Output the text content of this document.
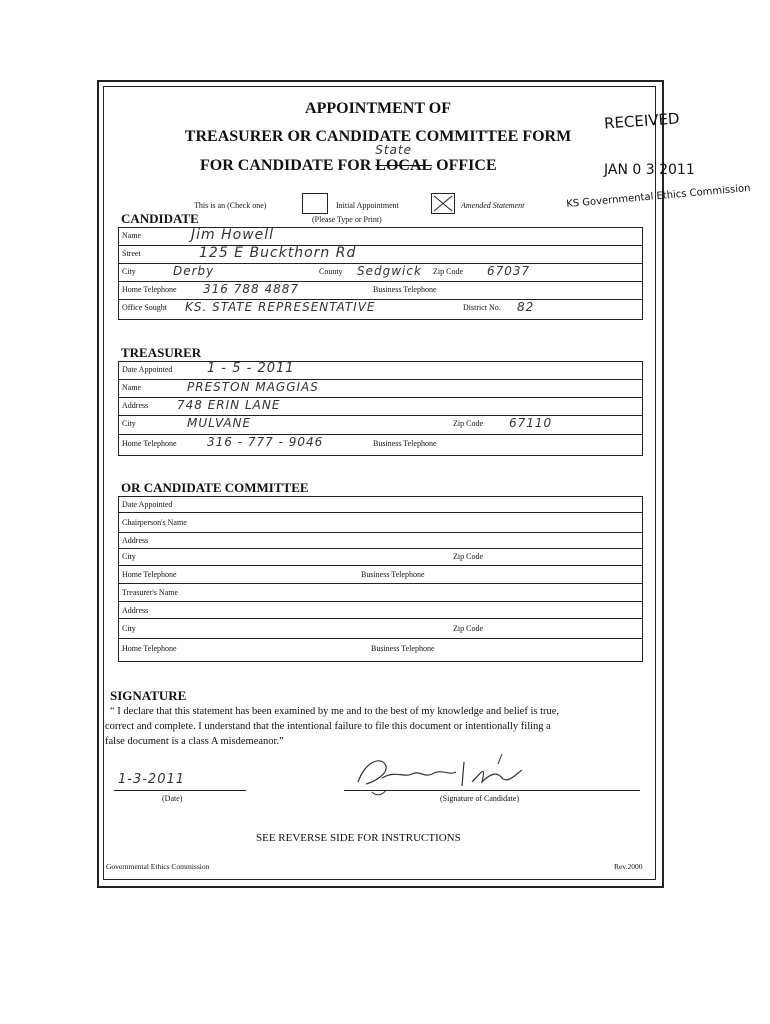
APPOINTMENT OF
TREASURER OR CANDIDATE COMMITTEE FORM
FOR CANDIDATE FOR LOCAL
State
OFFICE
RECEIVED
JAN 0 3 2011
KS Governmental Ethics Commission
This is an (Check one)	Initial Appointment	Amended Statement
CANDIDATE	(Please Type or Print)
Name	Jim Howell
Street	125 E Buckthorn Rd
City	Derby	County Sedgwick Zip Code 67037
Home Telephone 316 788 4887	Business Telephone
Office Sought KS. STATE REPRESENTATIVE	District No. 82
TREASURER
Date Appointed	1 - 5 - 2011
Name	PRESTON MAGGIAS
Address 748 ERIN LANE
City	MULVANE	Zip Code 67110
Home Telephone	316 - 777 - 9046	Business Telephone
OR CANDIDATE COMMITTEE
Date Appointed
Chairperson's Name
Address
City	Zip Code
Home Telephone	Business Telephone
Treasurer's Name
Address
City	Zip Code
Home Telephone	Business Telephone
SIGNATURE
“ I declare that this statement has been examined by me and to the best of my knowledge and belief is true,
correct and complete. I understand that the intentional failure to file this document or intentionally filing a
false document is a class A misdemeanor.”
1-3-2011
(Date)	(Signature of Candidate)
SEE REVERSE SIDE FOR INSTRUCTIONS
Governmental Ethics Commission	Rev.2000
